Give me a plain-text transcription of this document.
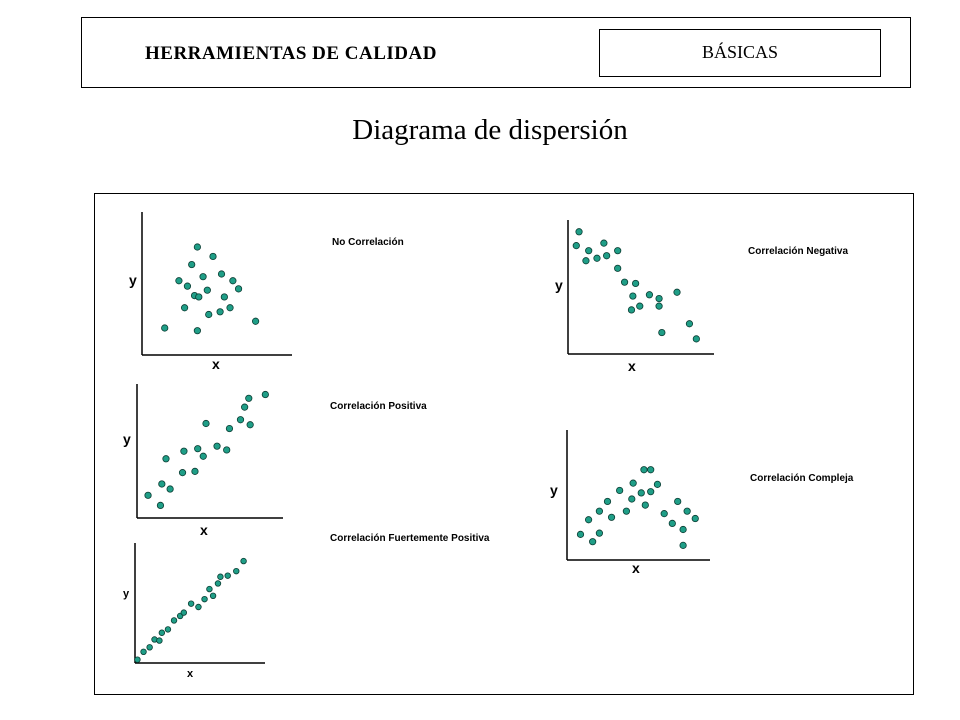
HERRAMIENTAS DE CALIDAD	BÁSICAS
Diagrama de dispersión
y
x
No Correlación
y
x
Correlación Negativa
y
x
Correlación Positiva
y
x
Correlación Compleja
y
x
Correlación Fuertemente Positiva
